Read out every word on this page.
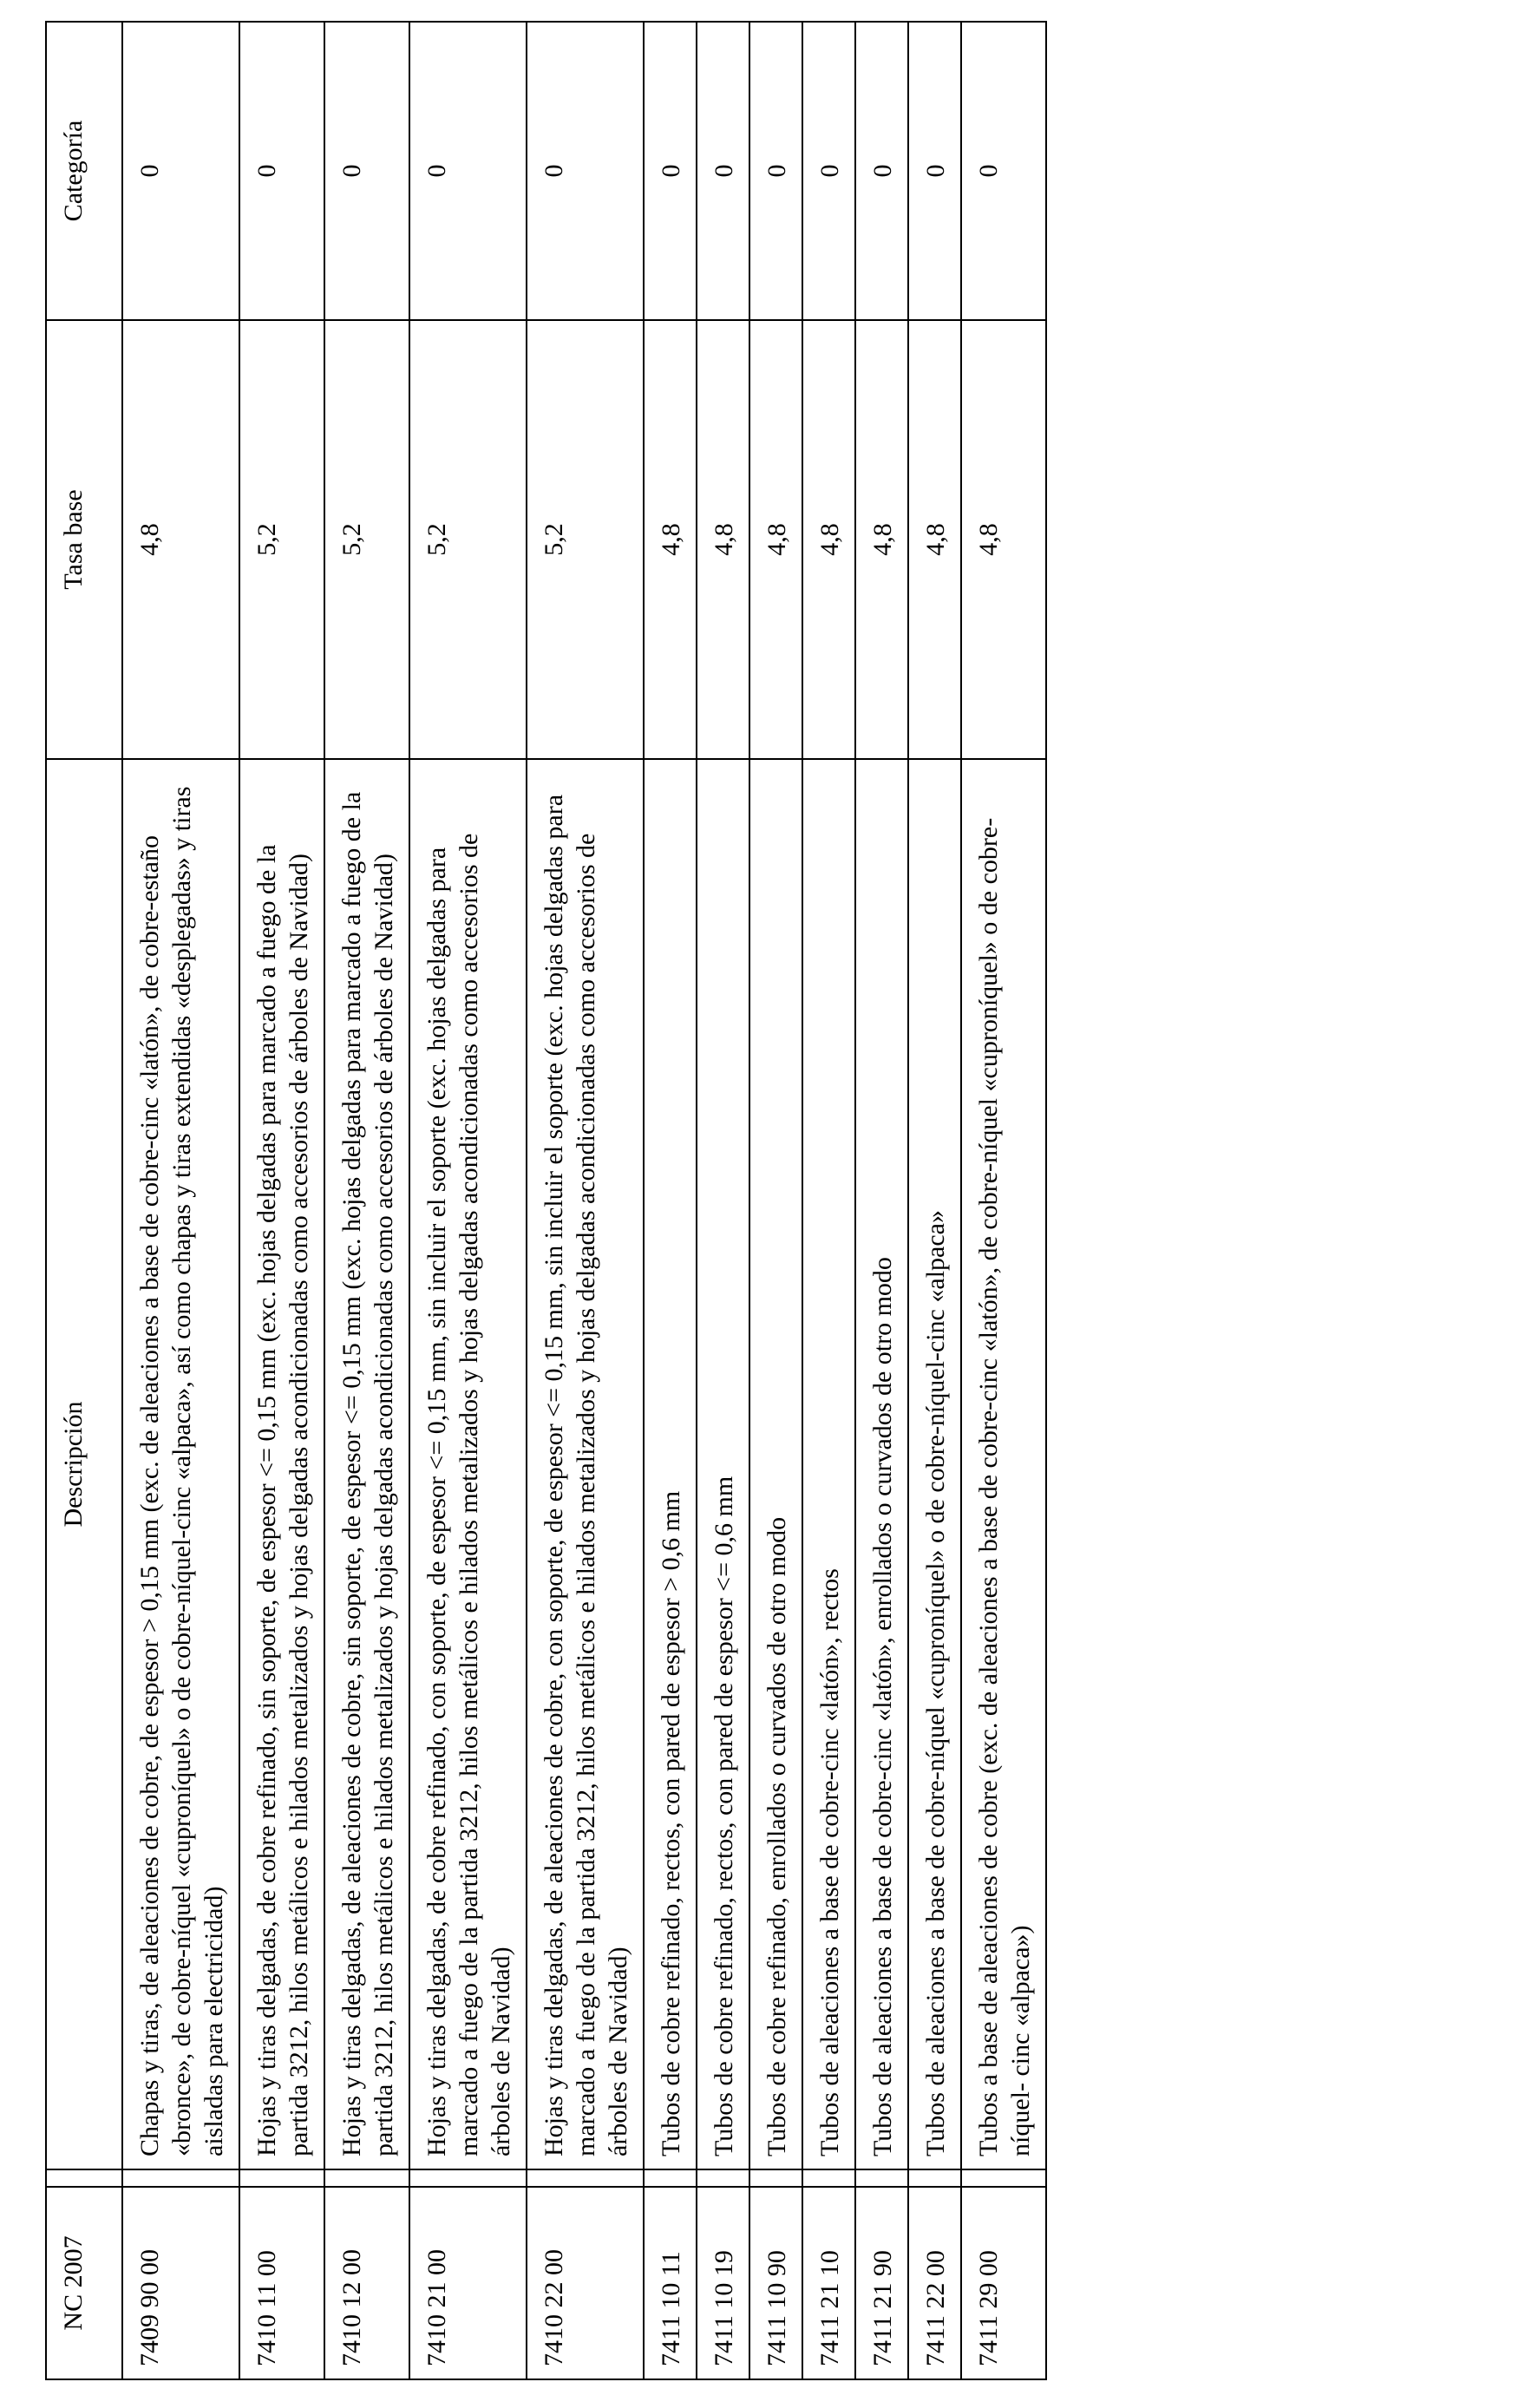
NC 2007		Descripción	Tasa base	Categoría
7409 90 00		Chapas y tiras, de aleaciones de cobre, de espesor > 0,15 mm (exc. de aleaciones a base de cobre-cinc «latón», de cobre-estaño «bronce», de cobre-níquel «cuproníquel» o de cobre-níquel-cinc «alpaca», así como chapas y tiras extendidas «desplegadas» y tiras aisladas para electricidad)	4,8	0
7410 11 00		Hojas y tiras delgadas, de cobre refinado, sin soporte, de espesor <= 0,15 mm (exc. hojas delgadas para marcado a fuego de la partida 3212, hilos metálicos e hilados metalizados y hojas delgadas acondicionadas como accesorios de árboles de Navidad)	5,2	0
7410 12 00		Hojas y tiras delgadas, de aleaciones de cobre, sin soporte, de espesor <= 0,15 mm (exc. hojas delgadas para marcado a fuego de la partida 3212, hilos metálicos e hilados metalizados y hojas delgadas acondicionadas como accesorios de árboles de Navidad)	5,2	0
7410 21 00		Hojas y tiras delgadas, de cobre refinado, con soporte, de espesor <= 0,15 mm, sin incluir el soporte (exc. hojas delgadas para marcado a fuego de la partida 3212, hilos metálicos e hilados metalizados y hojas delgadas acondicionadas como accesorios de árboles de Navidad)	5,2	0
7410 22 00		Hojas y tiras delgadas, de aleaciones de cobre, con soporte, de espesor <= 0,15 mm, sin incluir el soporte (exc. hojas delgadas para marcado a fuego de la partida 3212, hilos metálicos e hilados metalizados y hojas delgadas acondicionadas como accesorios de árboles de Navidad)	5,2	0
7411 10 11		Tubos de cobre refinado, rectos, con pared de espesor > 0,6 mm	4,8	0
7411 10 19		Tubos de cobre refinado, rectos, con pared de espesor <= 0,6 mm	4,8	0
7411 10 90		Tubos de cobre refinado, enrollados o curvados de otro modo	4,8	0
7411 21 10		Tubos de aleaciones a base de cobre-cinc «latón», rectos	4,8	0
7411 21 90		Tubos de aleaciones a base de cobre-cinc «latón», enrollados o curvados de otro modo	4,8	0
7411 22 00		Tubos de aleaciones a base de cobre-níquel «cuproníquel» o de cobre-níquel-cinc «alpaca»	4,8	0
7411 29 00		Tubos a base de aleaciones de cobre (exc. de aleaciones a base de cobre-cinc «latón», de cobre-níquel «cuproníquel» o de cobre-níquel- cinc «alpaca»)	4,8	0
